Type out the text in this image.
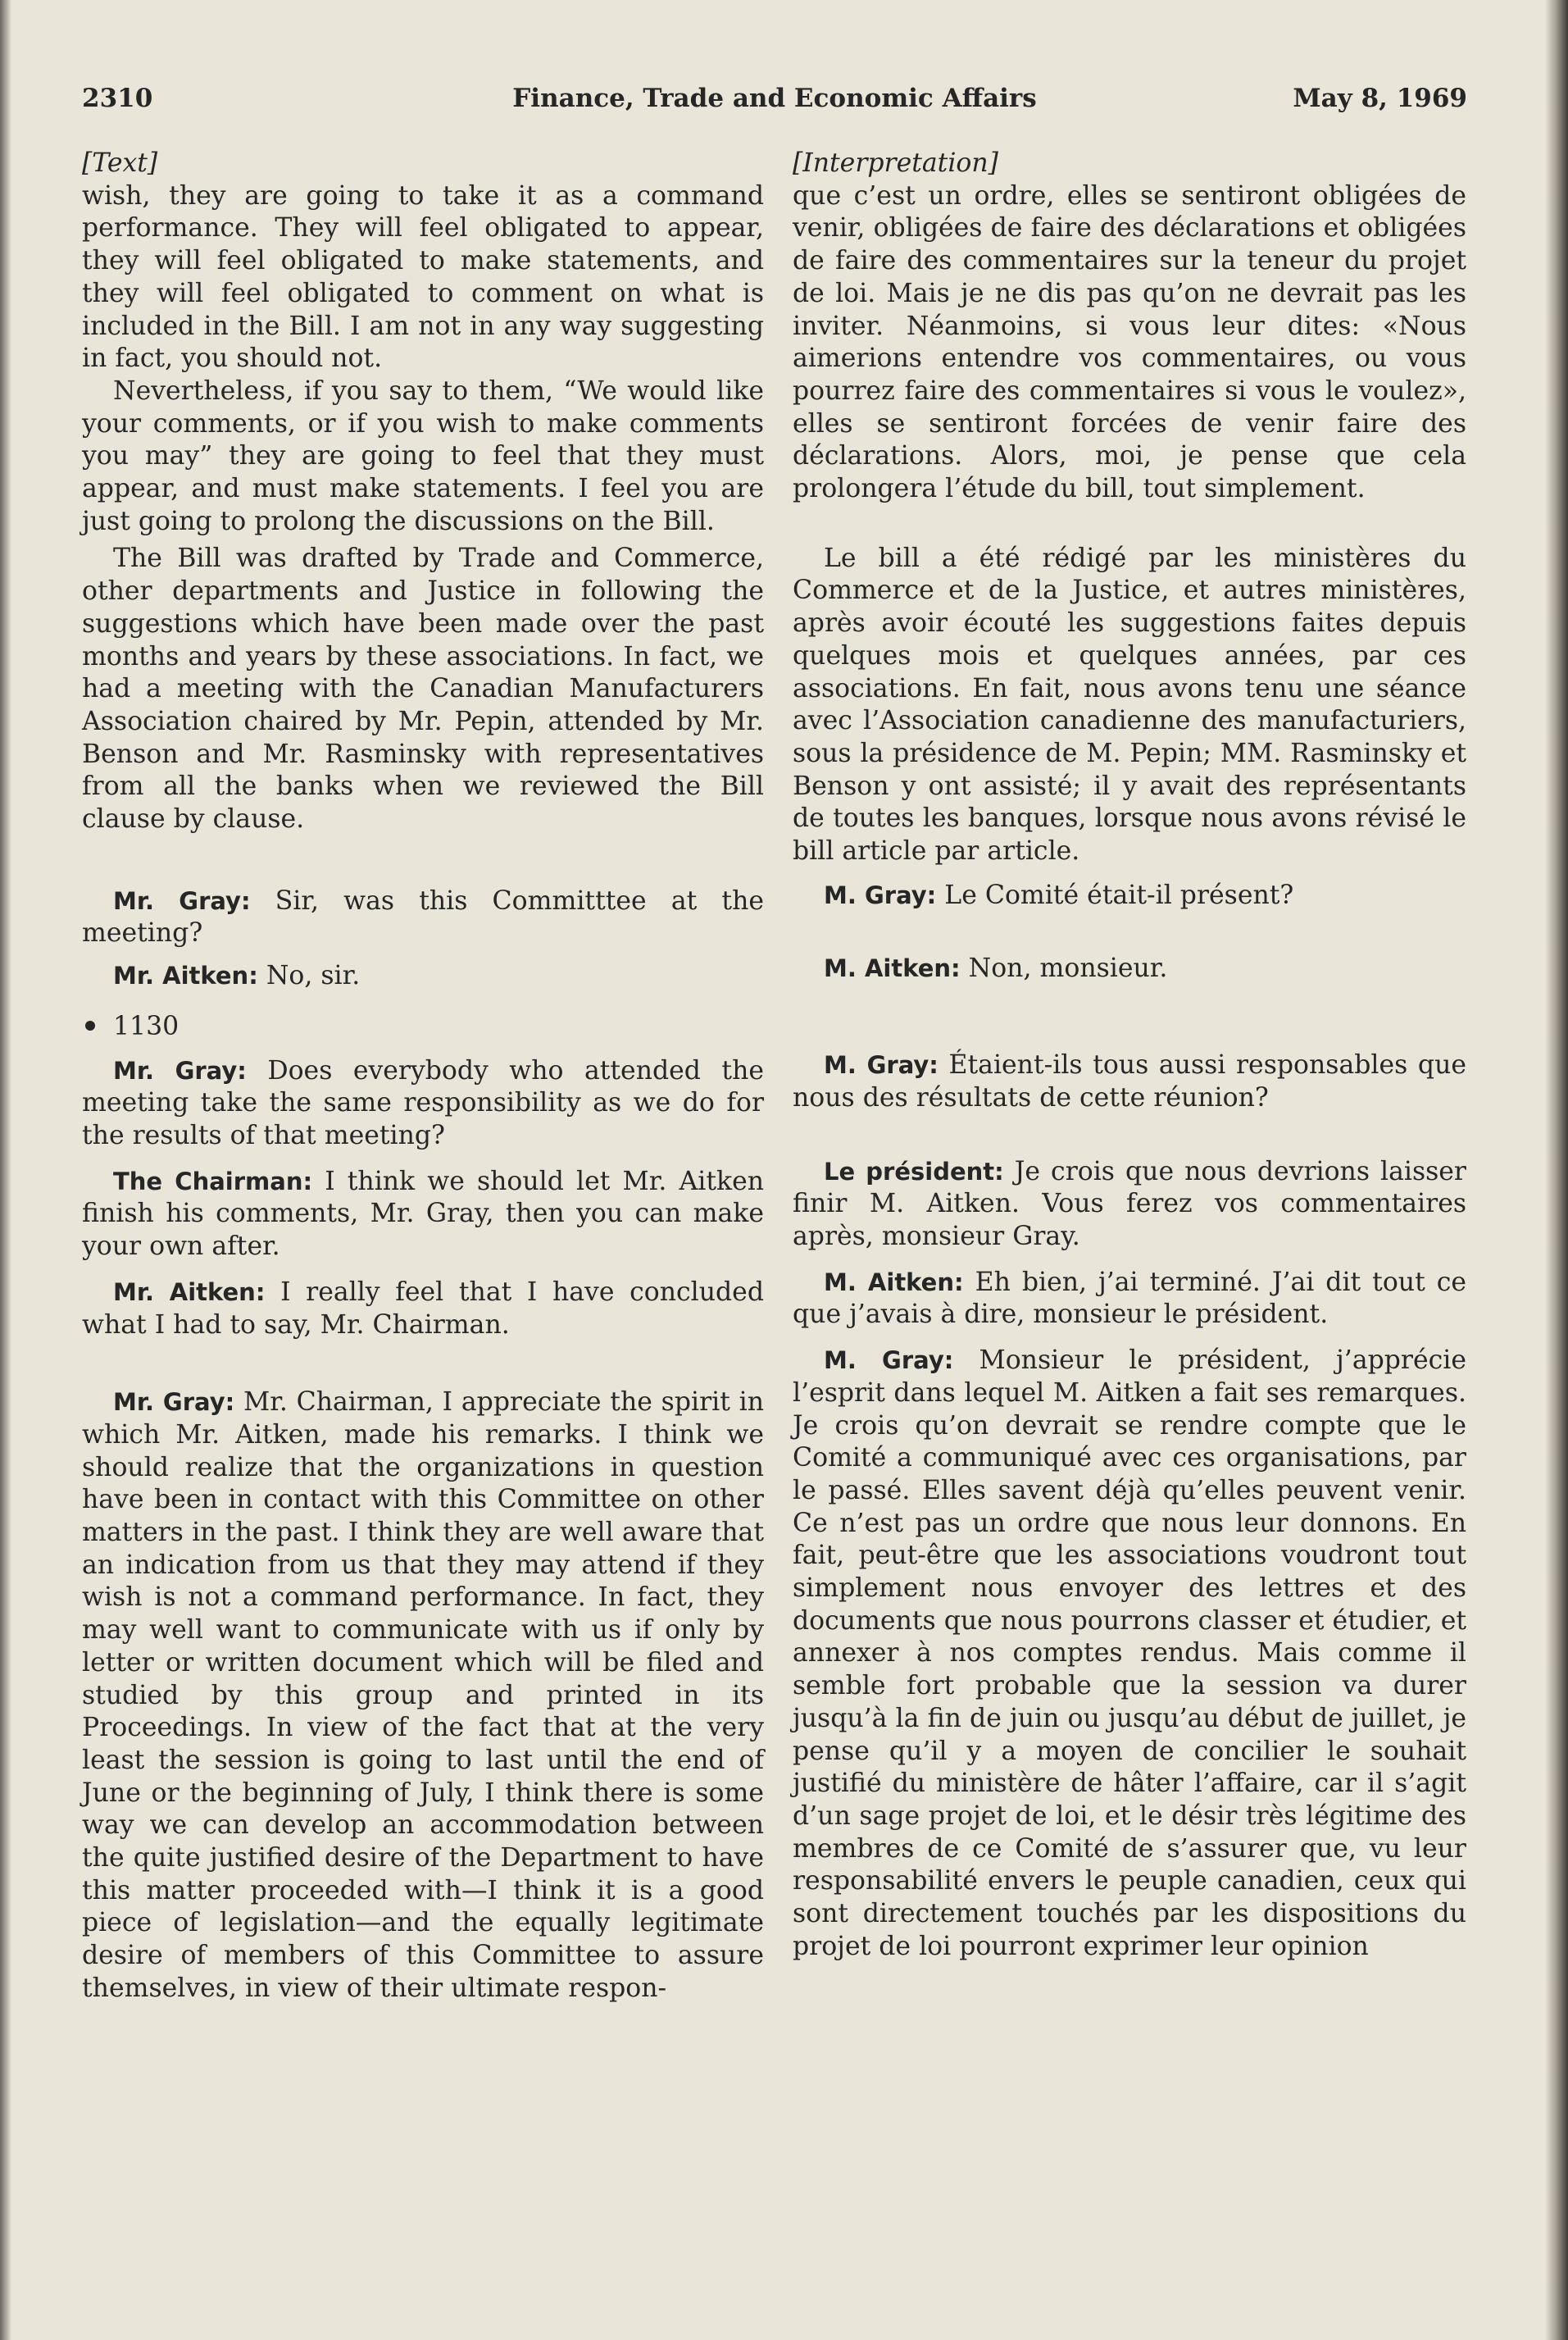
2310	Finance, Trade and Economic Affairs	May 8, 1969

[Text]

wish, they are going to take it as a command performance. They will feel obligated to appear, they will feel obligated to make statements, and they will feel obligated to comment on what is included in the Bill. I am not in any way suggesting in fact, you should not.

Nevertheless, if you say to them, “We would like your comments, or if you wish to make comments you may” they are going to feel that they must appear, and must make statements. I feel you are just going to prolong the discussions on the Bill.

The Bill was drafted by Trade and Commerce, other departments and Justice in following the suggestions which have been made over the past months and years by these associations. In fact, we had a meeting with the Canadian Manufacturers Association chaired by Mr. Pepin, attended by Mr. Benson and Mr. Rasminsky with representatives from all the banks when we reviewed the Bill clause by clause.

Mr. Gray: Sir, was this Committtee at the meeting?

Mr. Aitken: No, sir.

1130

Mr. Gray: Does everybody who attended the meeting take the same responsibility as we do for the results of that meeting?

The Chairman: I think we should let Mr. Aitken finish his comments, Mr. Gray, then you can make your own after.

Mr. Aitken: I really feel that I have concluded what I had to say, Mr. Chairman.

Mr. Gray: Mr. Chairman, I appreciate the spirit in which Mr. Aitken, made his remarks. I think we should realize that the organizations in question have been in contact with this Committee on other matters in the past. I think they are well aware that an indication from us that they may attend if they wish is not a command performance. In fact, they may well want to communicate with us if only by letter or written document which will be filed and studied by this group and printed in its Proceedings. In view of the fact that at the very least the session is going to last until the end of June or the beginning of July, I think there is some way we can develop an accommodation between the quite justified desire of the Department to have this matter proceeded with—I think it is a good piece of legislation—and the equally legitimate desire of members of this Committee to assure themselves, in view of their ultimate respon-

[Interpretation]

que c’est un ordre, elles se sentiront obligées de venir, obligées de faire des déclarations et obligées de faire des commentaires sur la teneur du projet de loi. Mais je ne dis pas qu’on ne devrait pas les inviter. Néanmoins, si vous leur dites: «Nous aimerions entendre vos commentaires, ou vous pourrez faire des commentaires si vous le voulez», elles se sentiront forcées de venir faire des déclarations. Alors, moi, je pense que cela prolongera l’étude du bill, tout simplement.

Le bill a été rédigé par les ministères du Commerce et de la Justice, et autres ministères, après avoir écouté les suggestions faites depuis quelques mois et quelques années, par ces associations. En fait, nous avons tenu une séance avec l’Association canadienne des manufacturiers, sous la présidence de M. Pepin; MM. Rasminsky et Benson y ont assisté; il y avait des représentants de toutes les banques, lorsque nous avons révisé le bill article par article.

M. Gray: Le Comité était-il présent?

M. Aitken: Non, monsieur.

M. Gray: Étaient-ils tous aussi responsables que nous des résultats de cette réunion?

Le président: Je crois que nous devrions laisser finir M. Aitken. Vous ferez vos commentaires après, monsieur Gray.

M. Aitken: Eh bien, j’ai terminé. J’ai dit tout ce que j’avais à dire, monsieur le président.

M. Gray: Monsieur le président, j’apprécie l’esprit dans lequel M. Aitken a fait ses remarques. Je crois qu’on devrait se rendre compte que le Comité a communiqué avec ces organisations, par le passé. Elles savent déjà qu’elles peuvent venir. Ce n’est pas un ordre que nous leur donnons. En fait, peut-être que les associations voudront tout simplement nous envoyer des lettres et des documents que nous pourrons classer et étudier, et annexer à nos comptes rendus. Mais comme il semble fort probable que la session va durer jusqu’à la fin de juin ou jusqu’au début de juillet, je pense qu’il y a moyen de concilier le souhait justifié du ministère de hâter l’affaire, car il s’agit d’un sage projet de loi, et le désir très légitime des membres de ce Comité de s’assurer que, vu leur responsabilité envers le peuple canadien, ceux qui sont directement touchés par les dispositions du projet de loi pourront exprimer leur opinion
